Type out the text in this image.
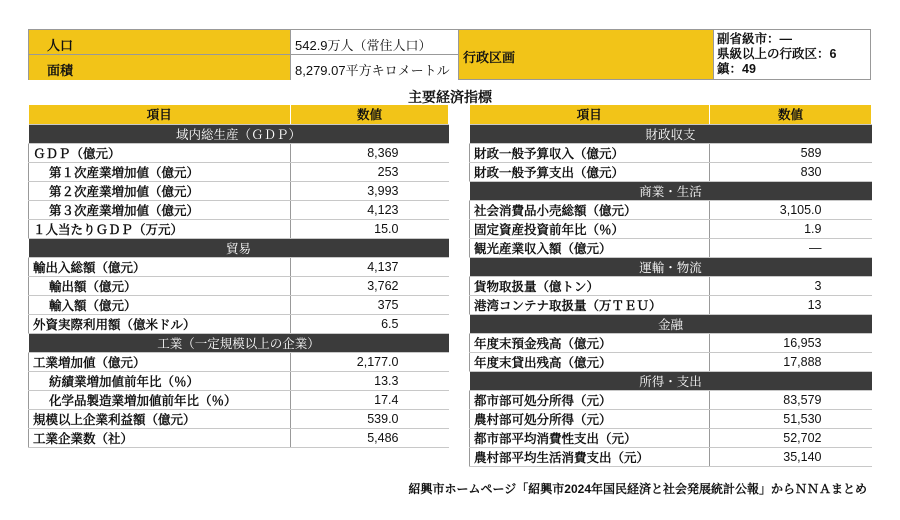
人口	542.9万人（常住人口）
面積	8,279.07平方キロメートル
行政区画
副省級市：—
県級以上の行政区：6
鎮：49
主要経済指標
項目	数値
域内総生産（ＧＤＰ）	
ＧＤＰ（億元）	8,369
第１次産業増加値（億元）	253
第２次産業増加値（億元）	3,993
第３次産業増加値（億元）	4,123
１人当たりＧＤＰ（万元）	15.0
貿易	
輸出入総額（億元）	4,137
輸出額（億元）	3,762
輸入額（億元）	375
外資実際利用額（億米ドル）	6.5
工業（一定規模以上の企業）	
工業増加値（億元）	2,177.0
紡績業増加値前年比（％）	13.3
化学品製造業増加値前年比（％）	17.4
規模以上企業利益額（億元）	539.0
工業企業数（社）	5,486
項目	数値
財政収支	
財政一般予算収入（億元）	589
財政一般予算支出（億元）	830
商業・生活	
社会消費品小売総額（億元）	3,105.0
固定資産投資前年比（％）	1.9
観光産業収入額（億元）	—
運輸・物流	
貨物取扱量（億トン）	3
港湾コンテナ取扱量（万ＴＥＵ）	13
金融	
年度末預金残高（億元）	16,953
年度末貸出残高（億元）	17,888
所得・支出	
都市部可処分所得（元）	83,579
農村部可処分所得（元）	51,530
都市部平均消費性支出（元）	52,702
農村部平均生活消費支出（元）	35,140
紹興市ホームページ「紹興市2024年国民経済と社会発展統計公報」からＮＮＡまとめ
